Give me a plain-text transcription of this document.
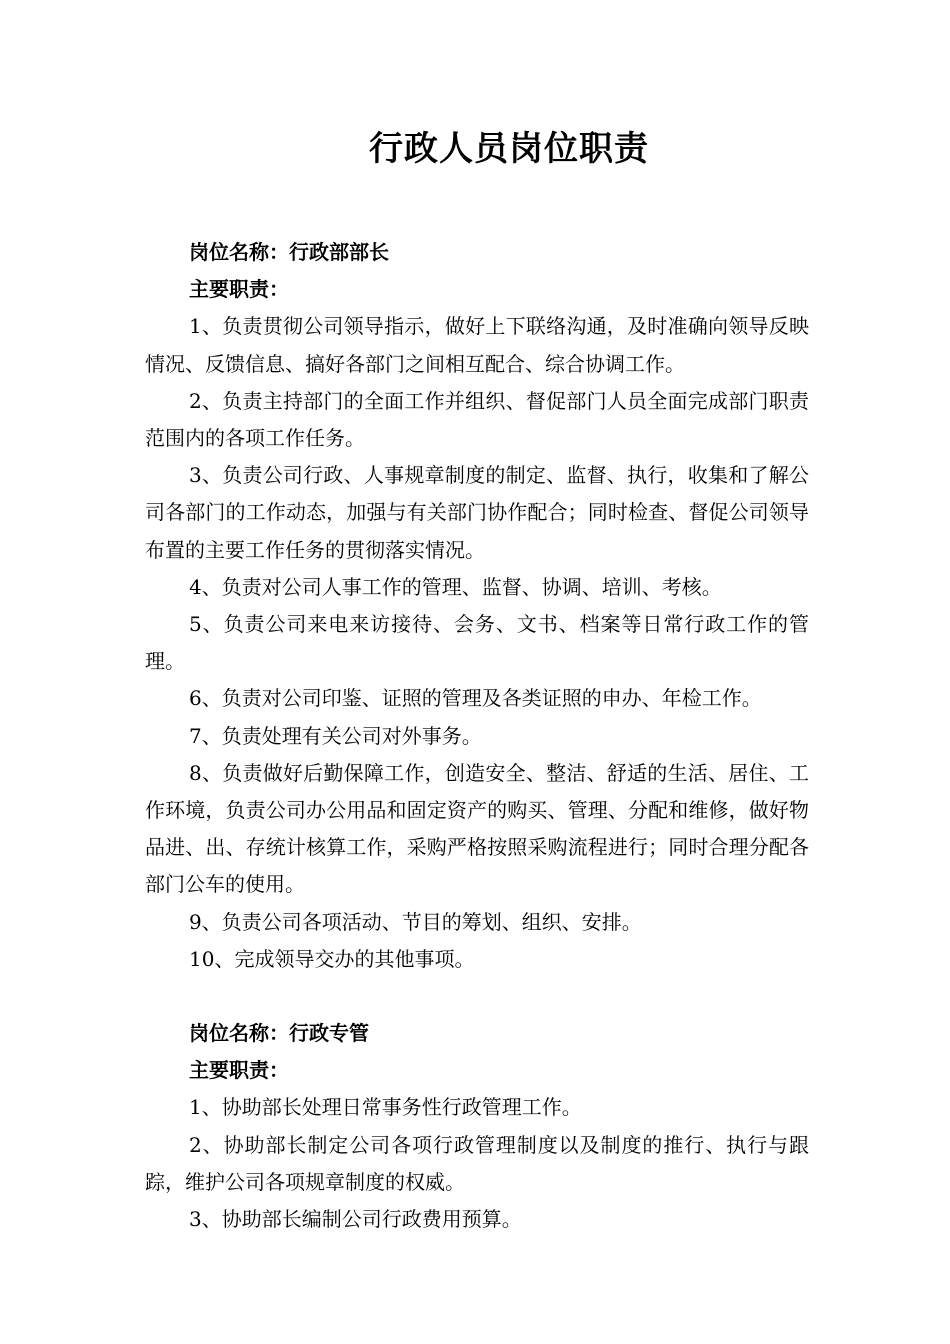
行政人员岗位职责

岗位名称：行政部部长

主要职责：

1、负责贯彻公司领导指示，做好上下联络沟通，及时准确向领导反映情况、反馈信息、搞好各部门之间相互配合、综合协调工作。
2、负责主持部门的全面工作并组织、督促部门人员全面完成部门职责范围内的各项工作任务。
3、负责公司行政、人事规章制度的制定、监督、执行，收集和了解公司各部门的工作动态，加强与有关部门协作配合；同时检查、督促公司领导布置的主要工作任务的贯彻落实情况。
4、负责对公司人事工作的管理、监督、协调、培训、考核。
5、负责公司来电来访接待、会务、文书、档案等日常行政工作的管理。
6、负责对公司印鉴、证照的管理及各类证照的申办、年检工作。
7、负责处理有关公司对外事务。
8、负责做好后勤保障工作，创造安全、整洁、舒适的生活、居住、工作环境，负责公司办公用品和固定资产的购买、管理、分配和维修，做好物品进、出、存统计核算工作，采购严格按照采购流程进行；同时合理分配各部门公车的使用。
9、负责公司各项活动、节目的筹划、组织、安排。
10、完成领导交办的其他事项。

岗位名称：行政专管

主要职责：

1、协助部长处理日常事务性行政管理工作。
2、协助部长制定公司各项行政管理制度以及制度的推行、执行与跟踪，维护公司各项规章制度的权威。
3、协助部长编制公司行政费用预算。
